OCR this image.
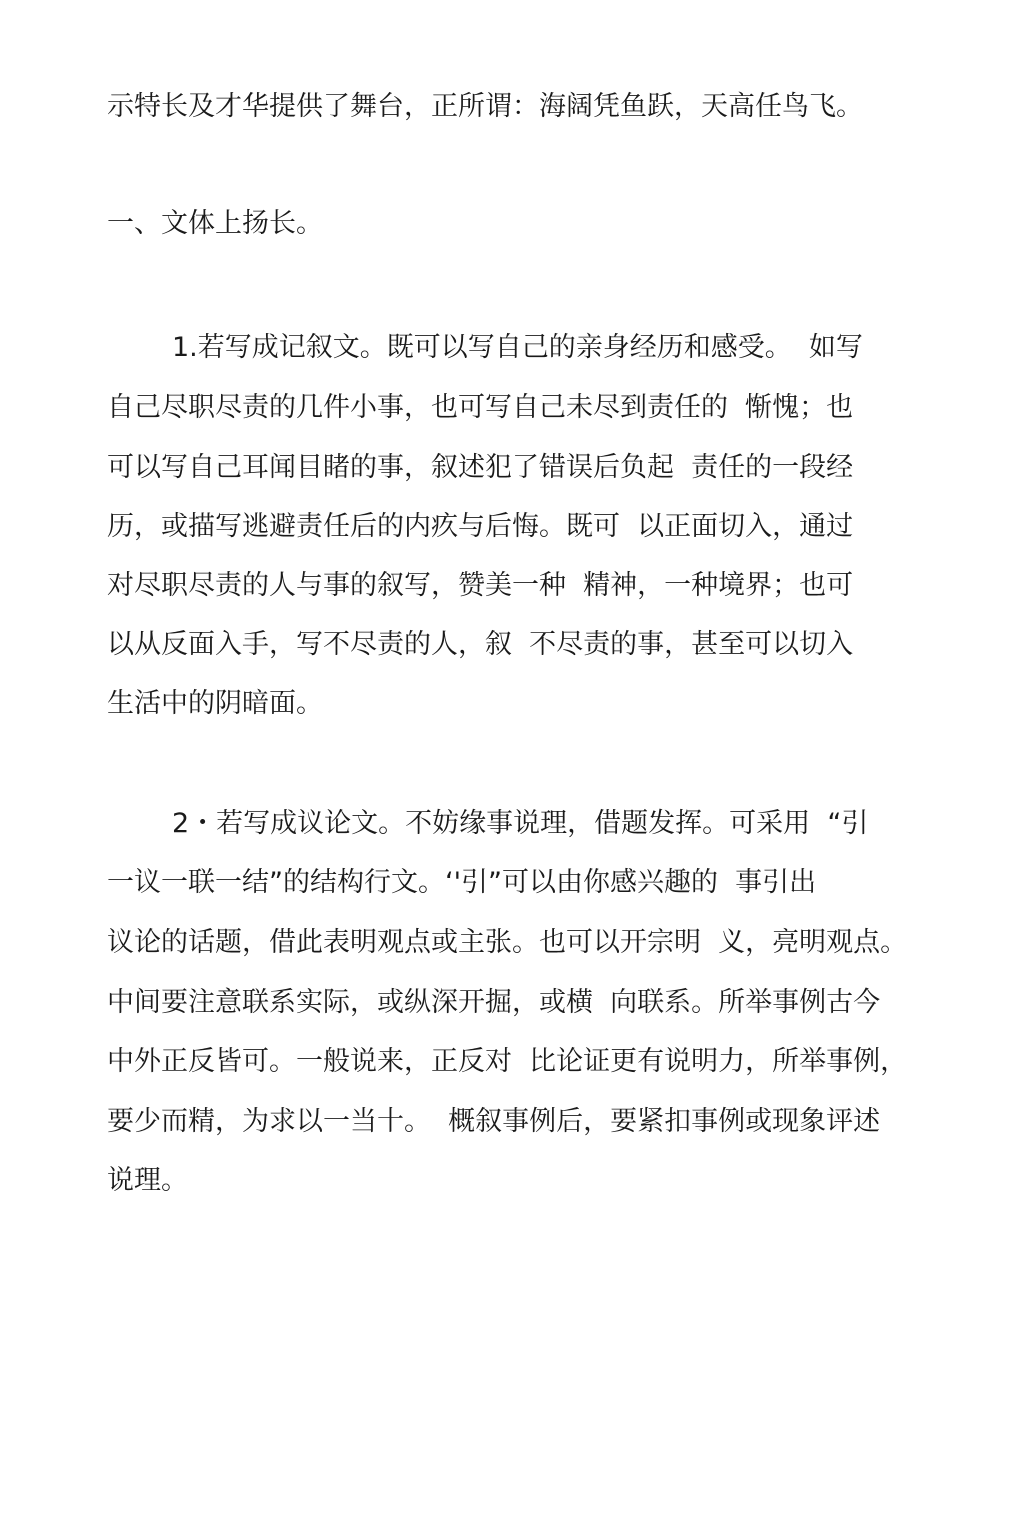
示特长及才华提供了舞台，正所谓：海阔凭鱼跃，天高任鸟飞。
一、文体上扬长。
1.若写成记叙文。既可以写自己的亲身经历和感受。  如写
自己尽职尽责的几件小事，也可写自己未尽到责任的  惭愧；也
可以写自己耳闻目睹的事，叙述犯了错误后负起  责任的一段经
历，或描写逃避责任后的内疚与后悔。既可  以正面切入，通过
对尽职尽责的人与事的叙写，赞美一种  精神，一种境界；也可
以从反面入手，写不尽责的人，叙  不尽责的事，甚至可以切入
生活中的阴暗面。
2・若写成议论文。不妨缘事说理，借题发挥。可采用  “引
一议一联一结”的结构行文。‘'引”可以由你感兴趣的  事引出
议论的话题，借此表明观点或主张。也可以开宗明  义，亮明观点。
中间要注意联系实际，或纵深开掘，或横  向联系。所举事例古今
中外正反皆可。一般说来，正反对  比论证更有说明力，所举事例，
要少而精，为求以一当十。  概叙事例后，要紧扣事例或现象评述
说理。
